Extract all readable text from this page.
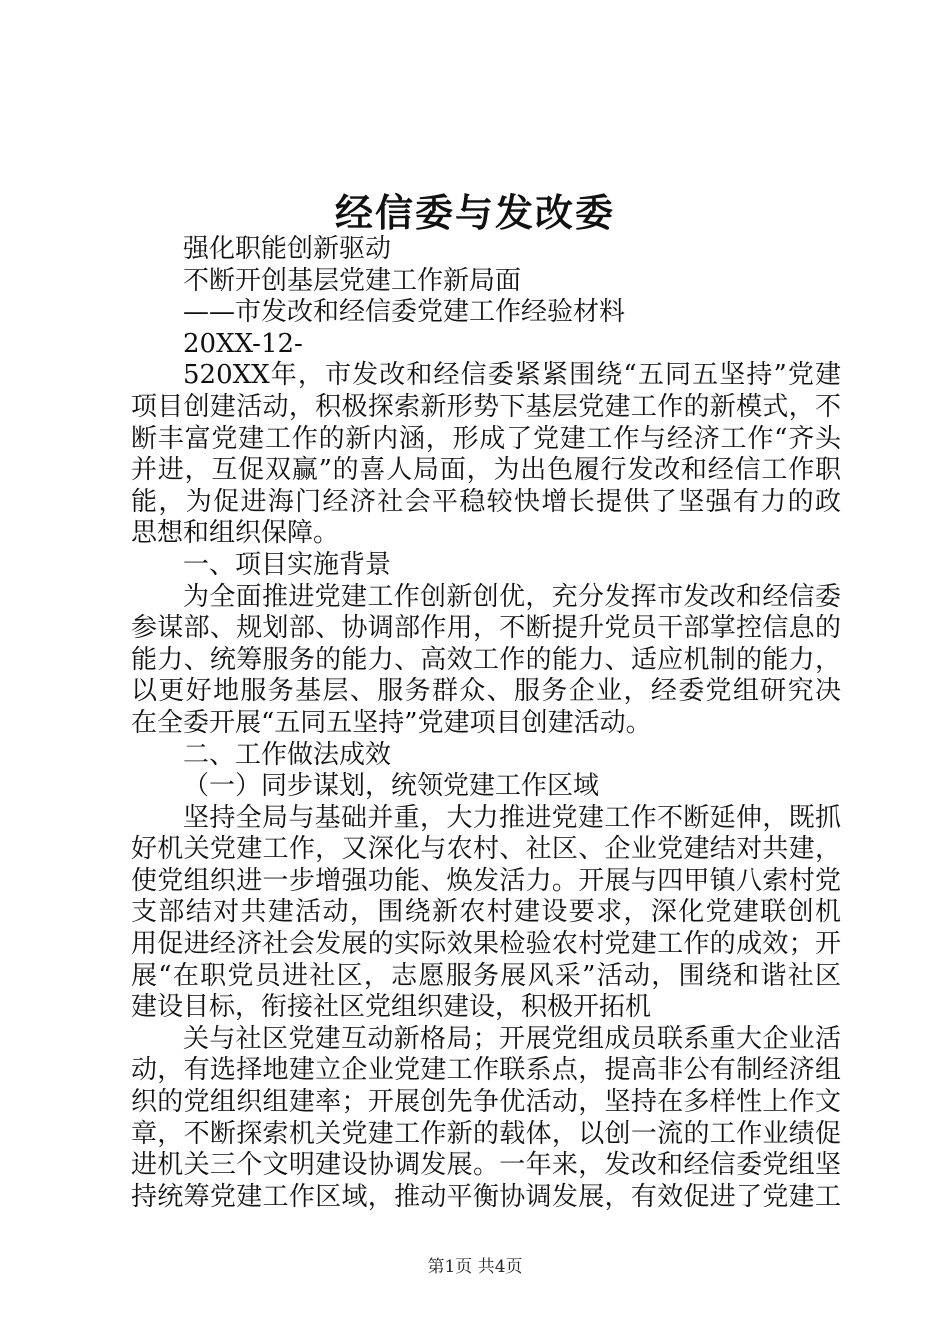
经信委与发改委
强化职能创新驱动
不断开创基层党建工作新局面
——市发改和经信委党建工作经验材料
20XX-12-
520XX年，市发改和经信委紧紧围绕“五同五坚持”党建
项目创建活动，积极探索新形势下基层党建工作的新模式，不
断丰富党建工作的新内涵，形成了党建工作与经济工作“齐头
并进，互促双赢”的喜人局面，为出色履行发改和经信工作职
能，为促进海门经济社会平稳较快增长提供了坚强有力的政
思想和组织保障。
一、项目实施背景
为全面推进党建工作创新创优，充分发挥市发改和经信委
参谋部、规划部、协调部作用，不断提升党员干部掌控信息的
能力、统筹服务的能力、高效工作的能力、适应机制的能力，
以更好地服务基层、服务群众、服务企业，经委党组研究决
在全委开展“五同五坚持”党建项目创建活动。
二、工作做法成效
（一）同步谋划，统领党建工作区域
坚持全局与基础并重，大力推进党建工作不断延伸，既抓
好机关党建工作，又深化与农村、社区、企业党建结对共建，
使党组织进一步增强功能、焕发活力。开展与四甲镇八索村党
支部结对共建活动，围绕新农村建设要求，深化党建联创机
用促进经济社会发展的实际效果检验农村党建工作的成效；开
展“在职党员进社区，志愿服务展风采”活动，围绕和谐社区
建设目标，衔接社区党组织建设，积极开拓机
关与社区党建互动新格局；开展党组成员联系重大企业活
动，有选择地建立企业党建工作联系点，提高非公有制经济组
织的党组织组建率；开展创先争优活动，坚持在多样性上作文
章，不断探索机关党建工作新的载体，以创一流的工作业绩促
进机关三个文明建设协调发展。一年来，发改和经信委党组坚
持统筹党建工作区域，推动平衡协调发展，有效促进了党建工
第1页 共4页
